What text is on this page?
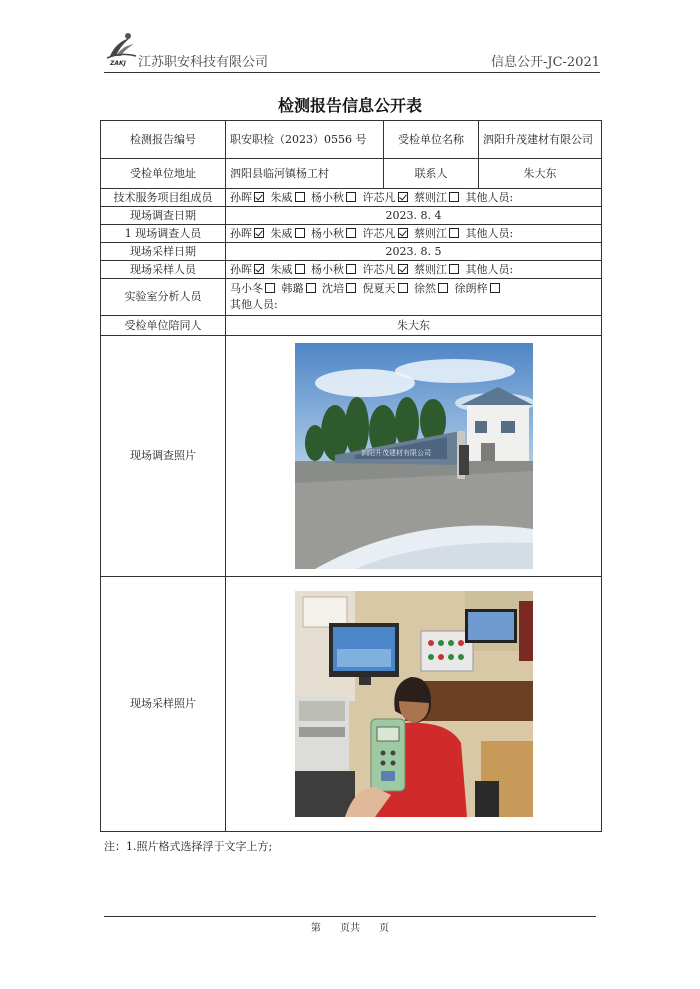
ZAKJ 江苏职安科技有限公司	信息公开-JC-2021
检测报告信息公开表
检测报告编号	职安职检（2023）0556 号	受检单位名称	泗阳升茂建材有限公司
受检单位地址	泗阳县临河镇杨工村	联系人	朱大东
技术服务项目组成员	孙晖 朱威 杨小秋 许芯凡 蔡则江 其他人员:		
现场调查日期	2023. 8. 4		
1 现场调查人员	孙晖 朱威 杨小秋 许芯凡 蔡则江 其他人员:		
现场采样日期	2023. 8. 5		
现场采样人员	孙晖 朱威 杨小秋 许芯凡 蔡则江 其他人员:		
实验室分析人员	马小冬 韩璐 沈培 倪夏天 徐然 徐朗梓
其他人员:		

受检单位陪同人	朱大东		
现场调查照片	泗阳升茂建材有限公司		

现场采样照片	
注：1.照片格式选择浮于文字上方;
第 页共 页
